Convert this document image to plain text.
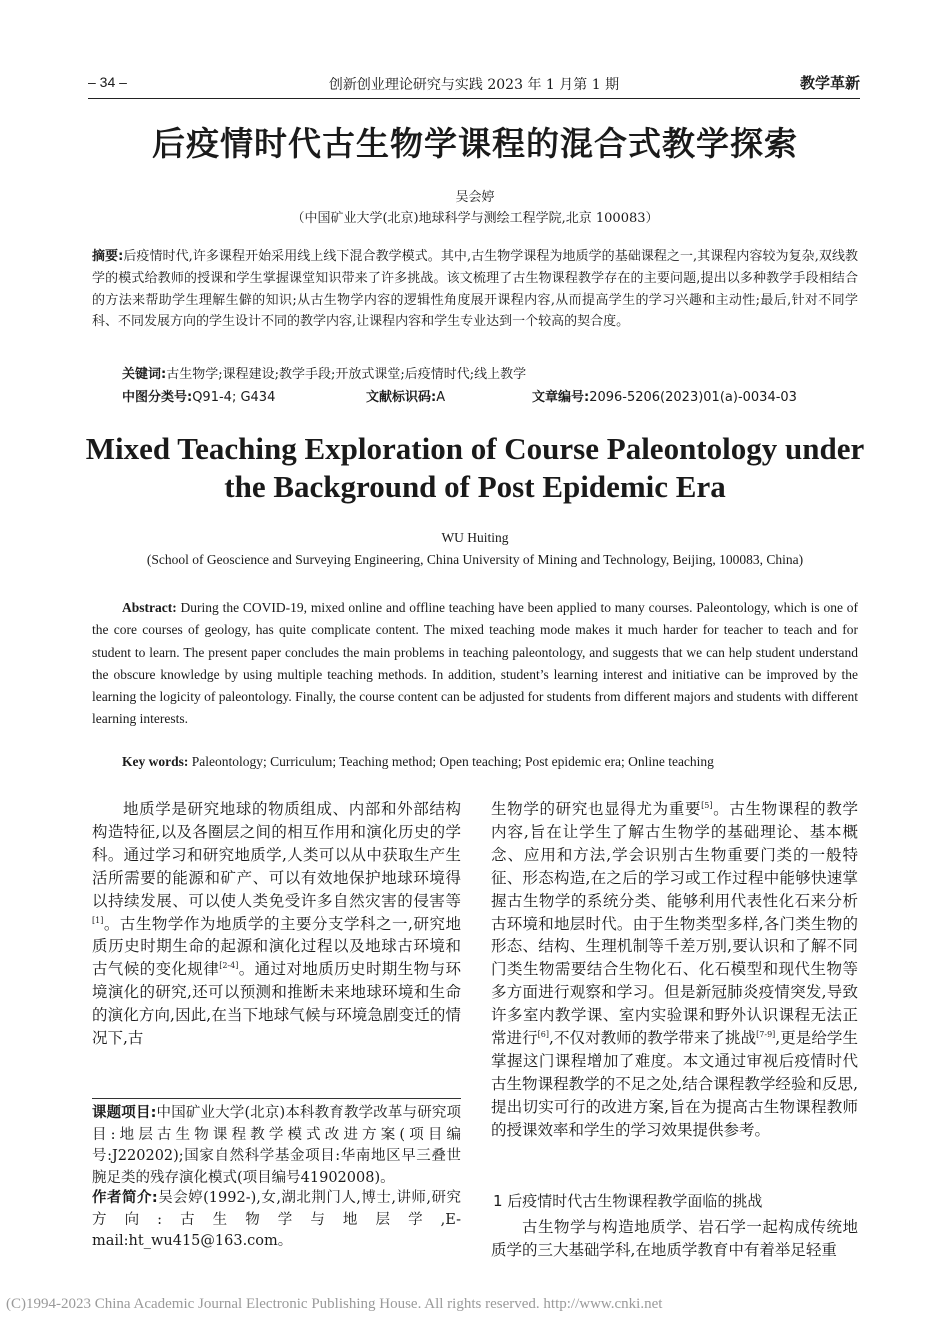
– 34 –	创新创业理论研究与实践 2023 年 1 月第 1 期	教学革新
后疫情时代古生物学课程的混合式教学探索
吴会婷
（中国矿业大学(北京)地球科学与测绘工程学院,北京 100083）
摘要:后疫情时代,许多课程开始采用线上线下混合教学模式。其中,古生物学课程为地质学的基础课程之一,其课程内容较为复杂,双线教学的模式给教师的授课和学生掌握课堂知识带来了许多挑战。该文梳理了古生物课程教学存在的主要问题,提出以多种教学手段相结合的方法来帮助学生理解生僻的知识;从古生物学内容的逻辑性角度展开课程内容,从而提高学生的学习兴趣和主动性;最后,针对不同学科、不同发展方向的学生设计不同的教学内容,让课程内容和学生专业达到一个较高的契合度。
关键词:古生物学;课程建设;教学手段;开放式课堂;后疫情时代;线上教学
中图分类号:Q91-4; G434	文献标识码:A	文章编号:2096-5206(2023)01(a)-0034-03
Mixed Teaching Exploration of Course Paleontology under
the Background of Post Epidemic Era
WU Huiting
(School of Geoscience and Surveying Engineering, China University of Mining and Technology, Beijing, 100083, China)
Abstract: During the COVID-19, mixed online and offline teaching have been applied to many courses. Paleontology, which is one of the core courses of geology, has quite complicate content. The mixed teaching mode makes it much harder for teacher to teach and for student to learn. The present paper concludes the main problems in teaching paleontology, and suggests that we can help student understand the obscure knowledge by using multiple teaching methods. In addition, student’s learning interest and initiative can be improved by the learning the logicity of paleontology. Finally, the course content can be adjusted for students from different majors and students with different learning interests.
Key words: Paleontology; Curriculum; Teaching method; Open teaching; Post epidemic era; Online teaching
地质学是研究地球的物质组成、内部和外部结构构造特征,以及各圈层之间的相互作用和演化历史的学科。通过学习和研究地质学,人类可以从中获取生产生活所需要的能源和矿产、可以有效地保护地球环境得以持续发展、可以使人类免受许多自然灾害的侵害等[1]。古生物学作为地质学的主要分支学科之一,研究地质历史时期生命的起源和演化过程以及地球古环境和古气候的变化规律[2-4]。通过对地质历史时期生物与环境演化的研究,还可以预测和推断未来地球环境和生命的演化方向,因此,在当下地球气候与环境急剧变迁的情况下,古
课题项目:中国矿业大学(北京)本科教育教学改革与研究项目:地层古生物课程教学模式改进方案(项目编号:J220202);国家自然科学基金项目:华南地区早三叠世腕足类的残存演化模式(项目编号41902008)。
作者简介:吴会婷(1992-),女,湖北荆门人,博士,讲师,研究方向:古生物学与地层学,E-mail:ht_wu415@163.com。
生物学的研究也显得尤为重要[5]。古生物课程的教学内容,旨在让学生了解古生物学的基础理论、基本概念、应用和方法,学会识别古生物重要门类的一般特征、形态构造,在之后的学习或工作过程中能够快速掌握古生物学的系统分类、能够利用代表性化石来分析古环境和地层时代。由于生物类型多样,各门类生物的形态、结构、生理机制等千差万别,要认识和了解不同门类生物需要结合生物化石、化石模型和现代生物等多方面进行观察和学习。但是新冠肺炎疫情突发,导致许多室内教学课、室内实验课和野外认识课程无法正常进行[6],不仅对教师的教学带来了挑战[7-9],更是给学生掌握这门课程增加了难度。本文通过审视后疫情时代古生物课程教学的不足之处,结合课程教学经验和反思,提出切实可行的改进方案,旨在为提高古生物课程教师的授课效率和学生的学习效果提供参考。
1 后疫情时代古生物课程教学面临的挑战
古生物学与构造地质学、岩石学一起构成传统地质学的三大基础学科,在地质学教育中有着举足轻重
(C)1994-2023 China Academic Journal Electronic Publishing House. All rights reserved. http://www.cnki.net
